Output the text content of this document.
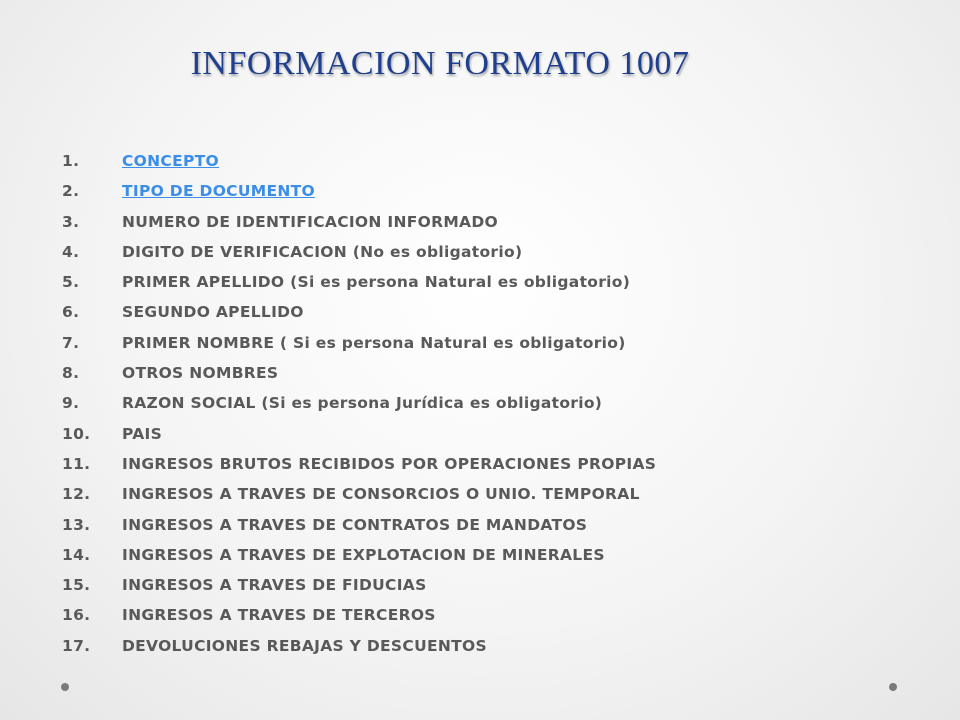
INFORMACION FORMATO 1007
1.	CONCEPTO
2.	TIPO DE DOCUMENTO
3.	NUMERO DE IDENTIFICACION INFORMADO
4.	DIGITO DE VERIFICACION (No es obligatorio)
5.	PRIMER APELLIDO (Si es persona Natural es obligatorio)
6.	SEGUNDO APELLIDO
7.	PRIMER NOMBRE ( Si es persona Natural es obligatorio)
8.	OTROS NOMBRES
9.	RAZON SOCIAL (Si es persona Jurídica es obligatorio)
10. PAIS
11. INGRESOS BRUTOS RECIBIDOS POR OPERACIONES PROPIAS
12. INGRESOS A TRAVES DE CONSORCIOS O UNIO. TEMPORAL
13. INGRESOS A TRAVES DE CONTRATOS DE MANDATOS
14. INGRESOS A TRAVES DE EXPLOTACION DE MINERALES
15. INGRESOS A TRAVES DE FIDUCIAS
16. INGRESOS A TRAVES DE TERCEROS
17. DEVOLUCIONES REBAJAS Y DESCUENTOS
